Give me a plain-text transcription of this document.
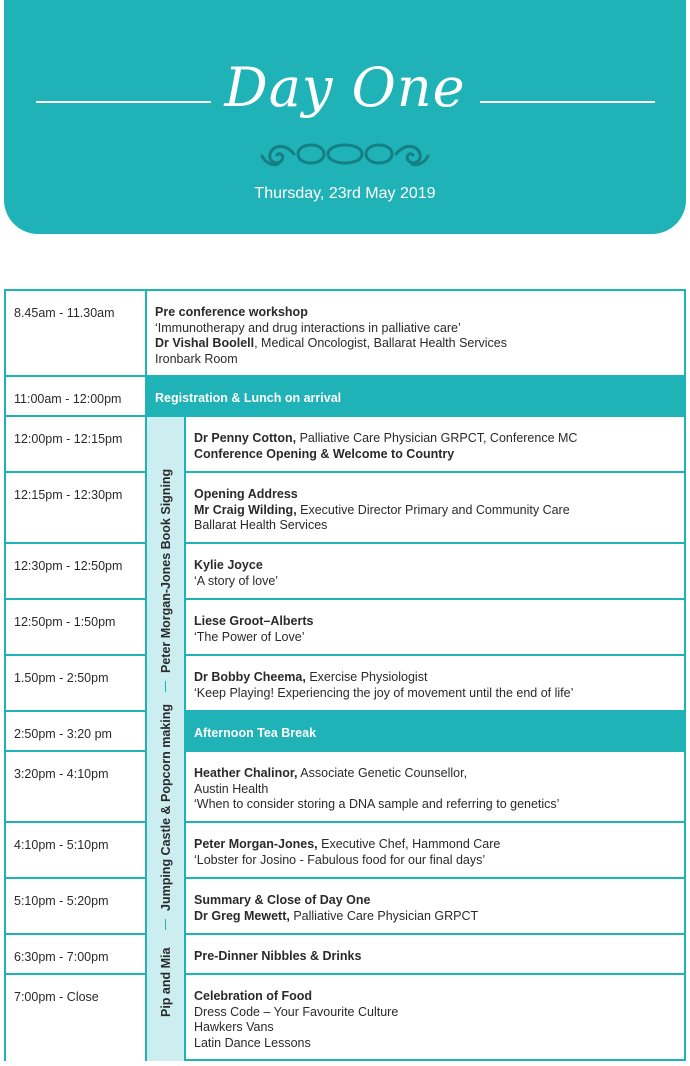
Day One
Thursday, 23rd May 2019
8.45am - 11.30am	Pre conference workshop
‘Immunotherapy and drug interactions in palliative care’
Dr Vishal Boolell, Medical Oncologist, Ballarat Health Services
Ironbark Room
11:00am - 12:00pm	Registration & Lunch on arrival
12:00pm - 12:15pm	Dr Penny Cotton, Palliative Care Physician GRPCT, Conference MC
Conference Opening & Welcome to Country
12:15pm - 12:30pm	Opening Address
Mr Craig Wilding, Executive Director Primary and Community Care
Ballarat Health Services
12:30pm - 12:50pm	Kylie Joyce
‘A story of love’
12:50pm - 1:50pm	Liese Groot–Alberts
‘The Power of Love’
1.50pm - 2:50pm	Dr Bobby Cheema, Exercise Physiologist
‘Keep Playing! Experiencing the joy of movement until the end of life’
2:50pm - 3:20 pm	Afternoon Tea Break
3:20pm - 4:10pm	Heather Chalinor, Associate Genetic Counsellor,
Austin Health
‘When to consider storing a DNA sample and referring to genetics’
4:10pm - 5:10pm	Peter Morgan-Jones, Executive Chef, Hammond Care
‘Lobster for Josino - Fabulous food for our final days’
5:10pm - 5:20pm	Summary & Close of Day One
Dr Greg Mewett, Palliative Care Physician GRPCT
6:30pm - 7:00pm	Pre-Dinner Nibbles & Drinks
7:00pm - Close	Celebration of Food
Dress Code – Your Favourite Culture
Hawkers Vans
Latin Dance Lessons
Peter Morgan-Jones Book Signing
Jumping Castle & Popcorn making
Pip and Mia
